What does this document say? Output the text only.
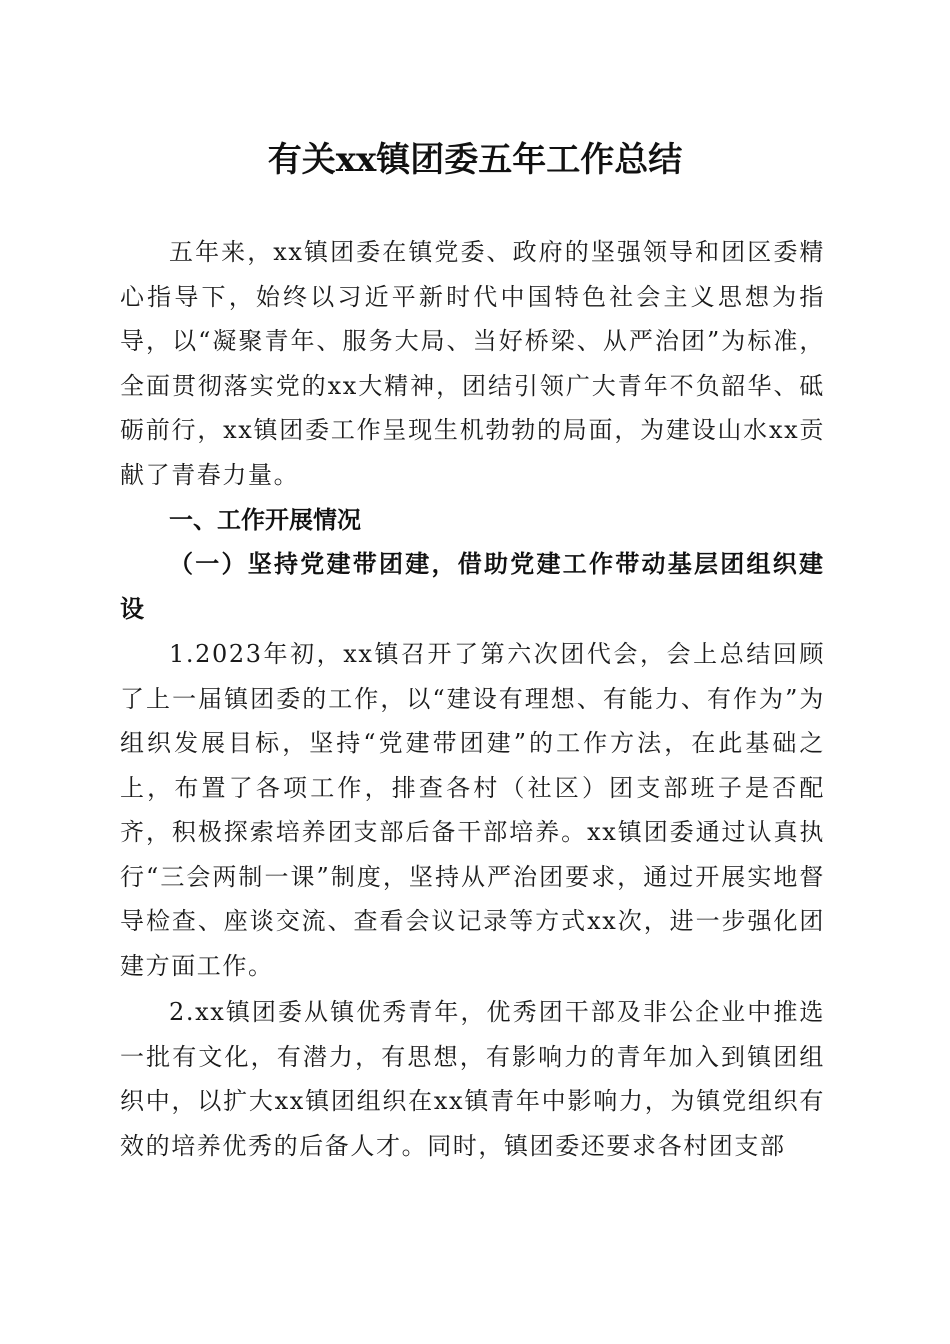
有关xx镇团委五年工作总结

五年来，xx镇团委在镇党委、政府的坚强领导和团区委精心指导下，始终以习近平新时代中国特色社会主义思想为指导，以“凝聚青年、服务大局、当好桥梁、从严治团”为标准，全面贯彻落实党的xx大精神，团结引领广大青年不负韶华、砥砺前行，xx镇团委工作呈现生机勃勃的局面，为建设山水xx贡献了青春力量。

一、工作开展情况

（一）坚持党建带团建，借助党建工作带动基层团组织建设

1.2023年初，xx镇召开了第六次团代会，会上总结回顾了上一届镇团委的工作，以“建设有理想、有能力、有作为”为组织发展目标，坚持“党建带团建”的工作方法，在此基础之上，布置了各项工作，排查各村（社区）团支部班子是否配齐，积极探索培养团支部后备干部培养。xx镇团委通过认真执行“三会两制一课”制度，坚持从严治团要求，通过开展实地督导检查、座谈交流、查看会议记录等方式xx次，进一步强化团建方面工作。

2.xx镇团委从镇优秀青年，优秀团干部及非公企业中推选一批有文化，有潜力，有思想，有影响力的青年加入到镇团组织中，以扩大xx镇团组织在xx镇青年中影响力，为镇党组织有效的培养优秀的后备人才。同时，镇团委还要求各村团支部
